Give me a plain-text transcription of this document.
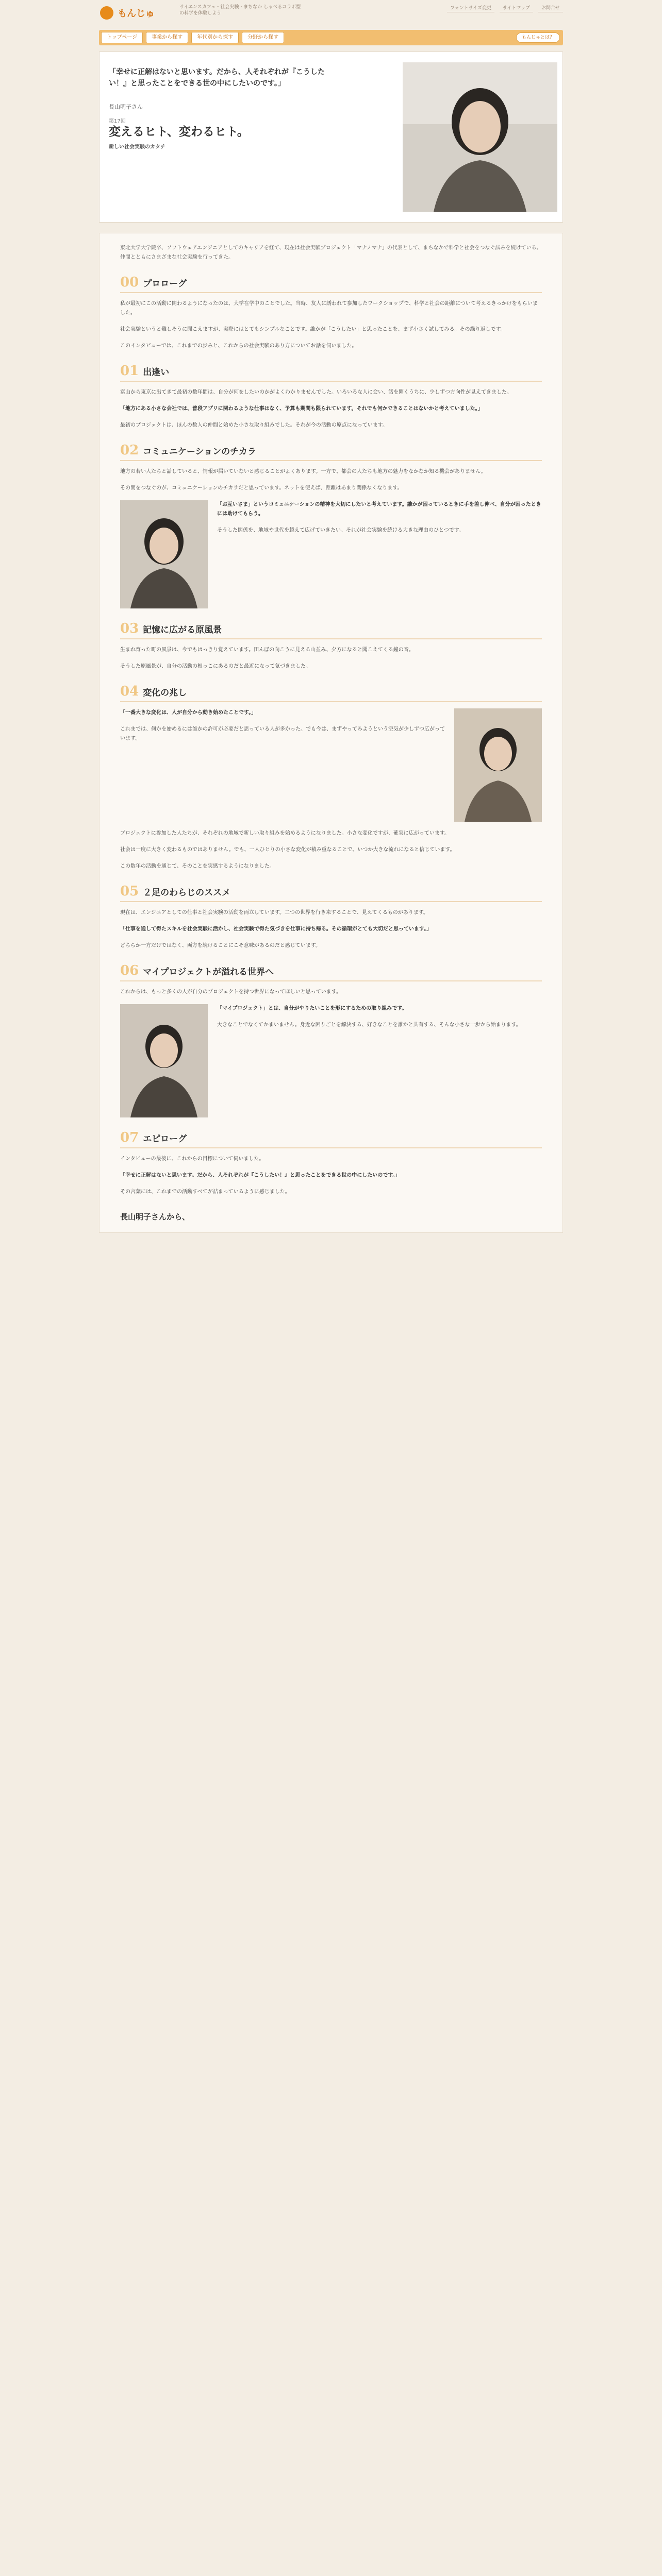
もんじゅ
サイエンスカフェ・社会実験・まちなか しゃべるコラボ型の科学を体験しよう
フォントサイズ変更	サイトマップ	お問合せ
トップページ	事業から探す	年代別から探す	分野から探す	もんじゅとは？
「幸せに正解はないと思います。だから、人それぞれが『こうしたい！』と思ったことをできる世の中にしたいのです。」
長山明子さん
第17回
変えるヒト、変わるヒト。
新しい社会実験のカタチ

東北大学大学院卒、ソフトウェアエンジニアとしてのキャリアを経て、現在は社会実験プロジェクト「マナノマナ」の代表として、まちなかで科学と社会をつなぐ試みを続けている。仲間とともにさまざまな社会実験を行ってきた。

00 プロローグ

私が最初にこの活動に関わるようになったのは、大学在学中のことでした。当時、友人に誘われて参加したワークショップで、科学と社会の距離について考えるきっかけをもらいました。

社会実験というと難しそうに聞こえますが、実際にはとてもシンプルなことです。誰かが「こうしたい」と思ったことを、まず小さく試してみる。その繰り返しです。

このインタビューでは、これまでの歩みと、これからの社会実験のあり方についてお話を伺いました。

01 出逢い

富山から東京に出てきて最初の数年間は、自分が何をしたいのかがよくわかりませんでした。いろいろな人に会い、話を聞くうちに、少しずつ方向性が見えてきました。

「地方にある小さな会社では、普段アプリに関わるような仕事はなく、予算も期間も限られています。それでも何かできることはないかと考えていました。」

最初のプロジェクトは、ほんの数人の仲間と始めた小さな取り組みでした。それが今の活動の原点になっています。

02 コミュニケーションのチカラ

地方の若い人たちと話していると、情報が届いていないと感じることがよくあります。一方で、都会の人たちも地方の魅力をなかなか知る機会がありません。

その間をつなぐのが、コミュニケーションのチカラだと思っています。ネットを使えば、距離はあまり関係なくなります。

「お互いさま」というコミュニケーションの精神を大切にしたいと考えています。誰かが困っているときに手を差し伸べ、自分が困ったときには助けてもらう。

そうした関係を、地域や世代を越えて広げていきたい。それが社会実験を続ける大きな理由のひとつです。

03 記憶に広がる原風景

生まれ育った町の風景は、今でもはっきり覚えています。田んぼの向こうに見える山並み、夕方になると聞こえてくる鐘の音。

そうした原風景が、自分の活動の根っこにあるのだと最近になって気づきました。

04 変化の兆し

「一番大きな変化は、人が自分から動き始めたことです。」

これまでは、何かを始めるには誰かの許可が必要だと思っている人が多かった。でも今は、まずやってみようという空気が少しずつ広がっています。

プロジェクトに参加した人たちが、それぞれの地域で新しい取り組みを始めるようになりました。小さな変化ですが、確実に広がっています。

社会は一度に大きく変わるものではありません。でも、一人ひとりの小さな変化が積み重なることで、いつか大きな流れになると信じています。

この数年の活動を通じて、そのことを実感するようになりました。

05 ２足のわらじのススメ

現在は、エンジニアとしての仕事と社会実験の活動を両立しています。二つの世界を行き来することで、見えてくるものがあります。

「仕事を通して得たスキルを社会実験に活かし、社会実験で得た気づきを仕事に持ち帰る。その循環がとても大切だと思っています。」

どちらか一方だけではなく、両方を続けることにこそ意味があるのだと感じています。

06 マイプロジェクトが溢れる世界へ

これからは、もっと多くの人が自分のプロジェクトを持つ世界になってほしいと思っています。

「マイプロジェクト」とは、自分がやりたいことを形にするための取り組みです。

大きなことでなくてかまいません。身近な困りごとを解決する、好きなことを誰かと共有する、そんな小さな一歩から始まります。

07 エピローグ

インタビューの最後に、これからの目標について伺いました。

「幸せに正解はないと思います。だから、人それぞれが『こうしたい！』と思ったことをできる世の中にしたいのです。」

その言葉には、これまでの活動すべてが詰まっているように感じました。

長山明子さんから、
